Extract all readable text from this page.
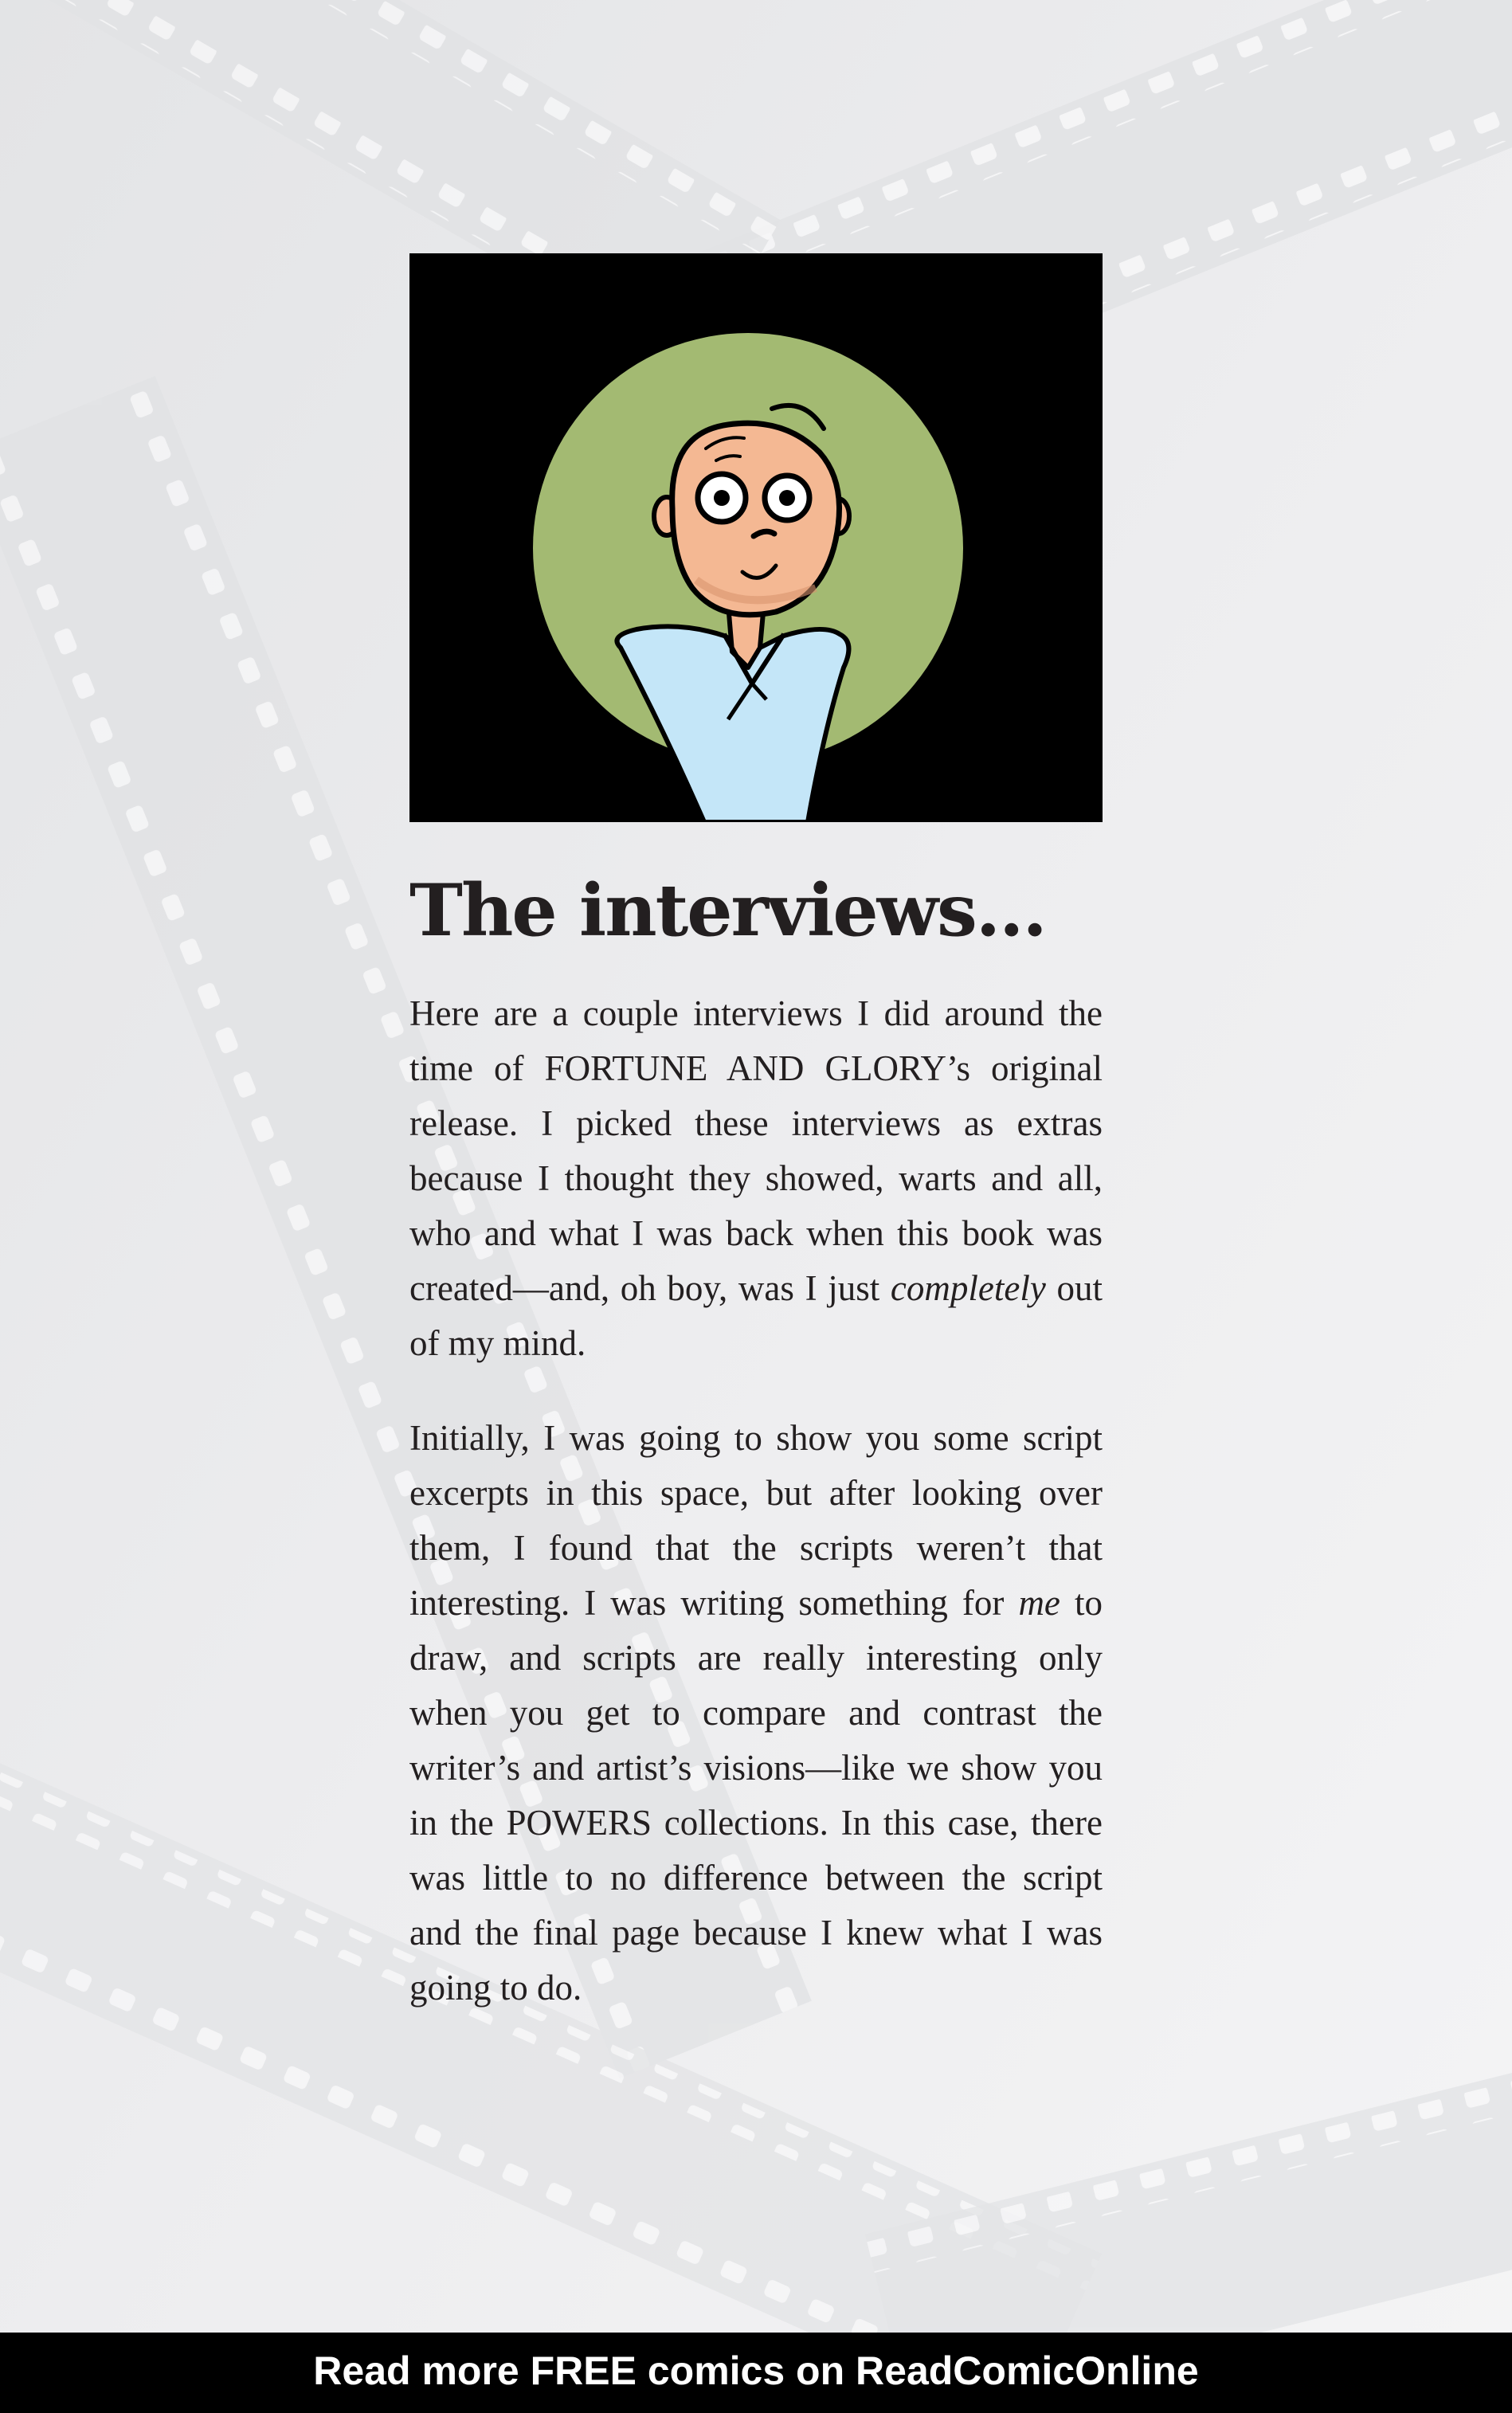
The interviews…

Here are a couple interviews I did around the time of FORTUNE AND GLORY’s original release. I picked these interviews as extras because I thought they showed, warts and all, who and what I was back when this book was created—and, oh boy, was I just completely out of my mind.

Initially, I was going to show you some script excerpts in this space, but after looking over them, I found that the scripts weren’t that interesting. I was writing something for me to draw, and scripts are really interesting only when you get to compare and contrast the writer’s and artist’s visions—like we show you in the POWERS collections. In this case, there was little to no difference between the script and the final page because I knew what I was going to do.

Read more FREE comics on ReadComicOnline
